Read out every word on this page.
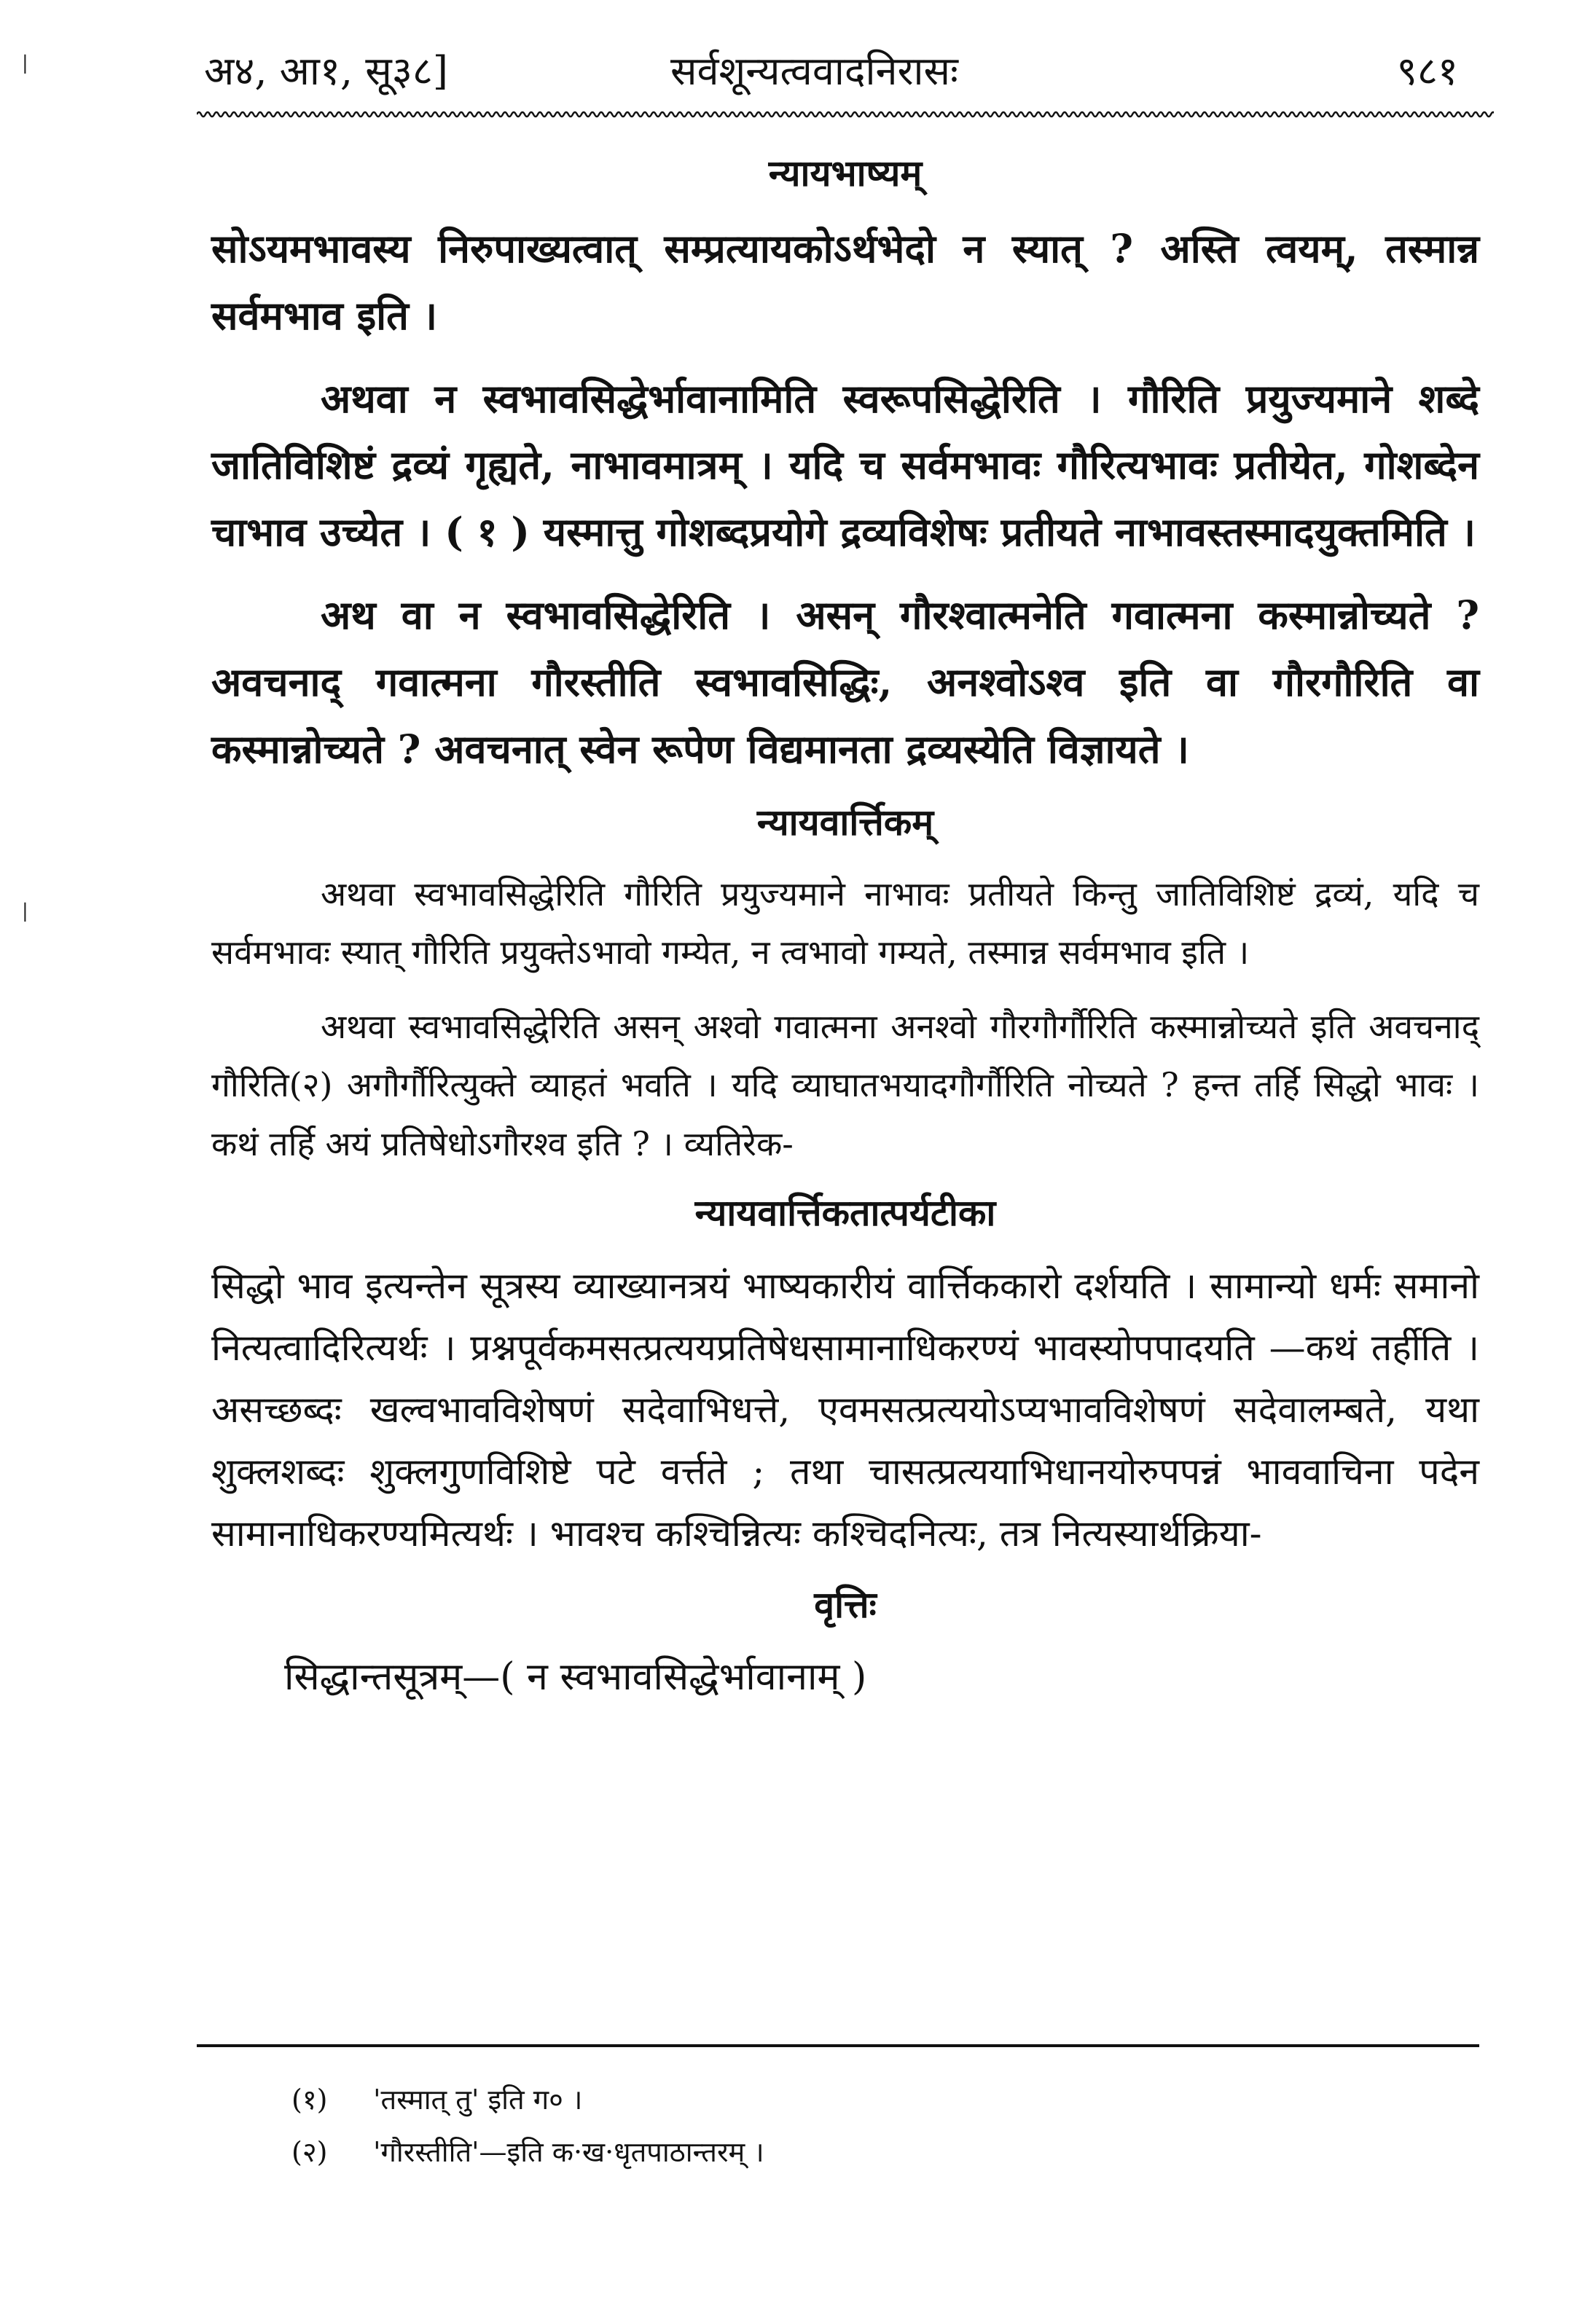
अ४, आ१, सू३८]	सर्वशून्यत्ववादनिरासः	९८१
न्यायभाष्यम्

सोऽयमभावस्य निरुपाख्यत्वात् सम्प्रत्यायकोऽर्थभेदो न स्यात् ? अस्ति त्वयम्, तस्मान्न सर्वमभाव इति ।

अथवा न स्वभावसिद्धेर्भावानामिति स्वरूपसिद्धेरिति । गौरिति प्रयुज्यमाने शब्दे जातिविशिष्टं द्रव्यं गृह्यते, नाभावमात्रम् । यदि च सर्वमभावः गौरित्यभावः प्रतीयेत, गोशब्देन चाभाव उच्येत । ( १ ) यस्मात्तु गोशब्दप्रयोगे द्रव्यविशेषः प्रतीयते नाभावस्तस्मादयुक्तमिति ।

अथ वा न स्वभावसिद्धेरिति । असन् गौरश्वात्मनेति गवात्मना कस्मान्नोच्यते ? अवचनाद् गवात्मना गौरस्तीति स्वभावसिद्धिः, अनश्वोऽश्व इति वा गौरगौरिति वा कस्मान्नोच्यते ? अवचनात् स्वेन रूपेण विद्यमानता द्रव्यस्येति विज्ञायते ।

न्यायवार्त्तिकम्

अथवा स्वभावसिद्धेरिति गौरिति प्रयुज्यमाने नाभावः प्रतीयते किन्तु जातिविशिष्टं द्रव्यं, यदि च सर्वमभावः स्यात् गौरिति प्रयुक्तेऽभावो गम्येत, न त्वभावो गम्यते, तस्मान्न सर्वमभाव इति ।

अथवा स्वभावसिद्धेरिति असन् अश्वो गवात्मना अनश्वो गौरगौर्गौरिति कस्मान्नोच्यते इति अवचनाद् गौरिति(२) अगौर्गौरित्युक्ते व्याहतं भवति । यदि व्याघातभयादगौर्गौरिति नोच्यते ? हन्त तर्हि सिद्धो भावः । कथं तर्हि अयं प्रतिषेधोऽगौरश्व इति ? । व्यतिरेक-

न्यायवार्त्तिकतात्पर्यटीका

सिद्धो भाव इत्यन्तेन सूत्रस्य व्याख्यानत्रयं भाष्यकारीयं वार्त्तिककारो दर्शयति । सामान्यो धर्मः समानो नित्यत्वादिरित्यर्थः । प्रश्नपूर्वकमसत्प्रत्ययप्रतिषेधसामानाधिकरण्यं भावस्योपपादयति —कथं तर्हीति । असच्छब्दः खल्वभावविशेषणं सदेवाभिधत्ते, एवमसत्प्रत्ययोऽप्यभावविशेषणं सदेवालम्बते, यथा शुक्लशब्दः शुक्लगुणविशिष्टे पटे वर्त्तते ; तथा चासत्प्रत्ययाभिधानयोरुपपन्नं भाववाचिना पदेन सामानाधिकरण्यमित्यर्थः । भावश्च कश्चिन्नित्यः कश्चिदनित्यः, तत्र नित्यस्यार्थक्रिया-

वृत्तिः

सिद्धान्तसूत्रम्—( न स्वभावसिद्धेर्भावानाम् )

(१) 'तस्मात् तु' इति ग० ।
(२) 'गौरस्तीति'—इति क·ख·धृतपाठान्तरम् ।
|
|
